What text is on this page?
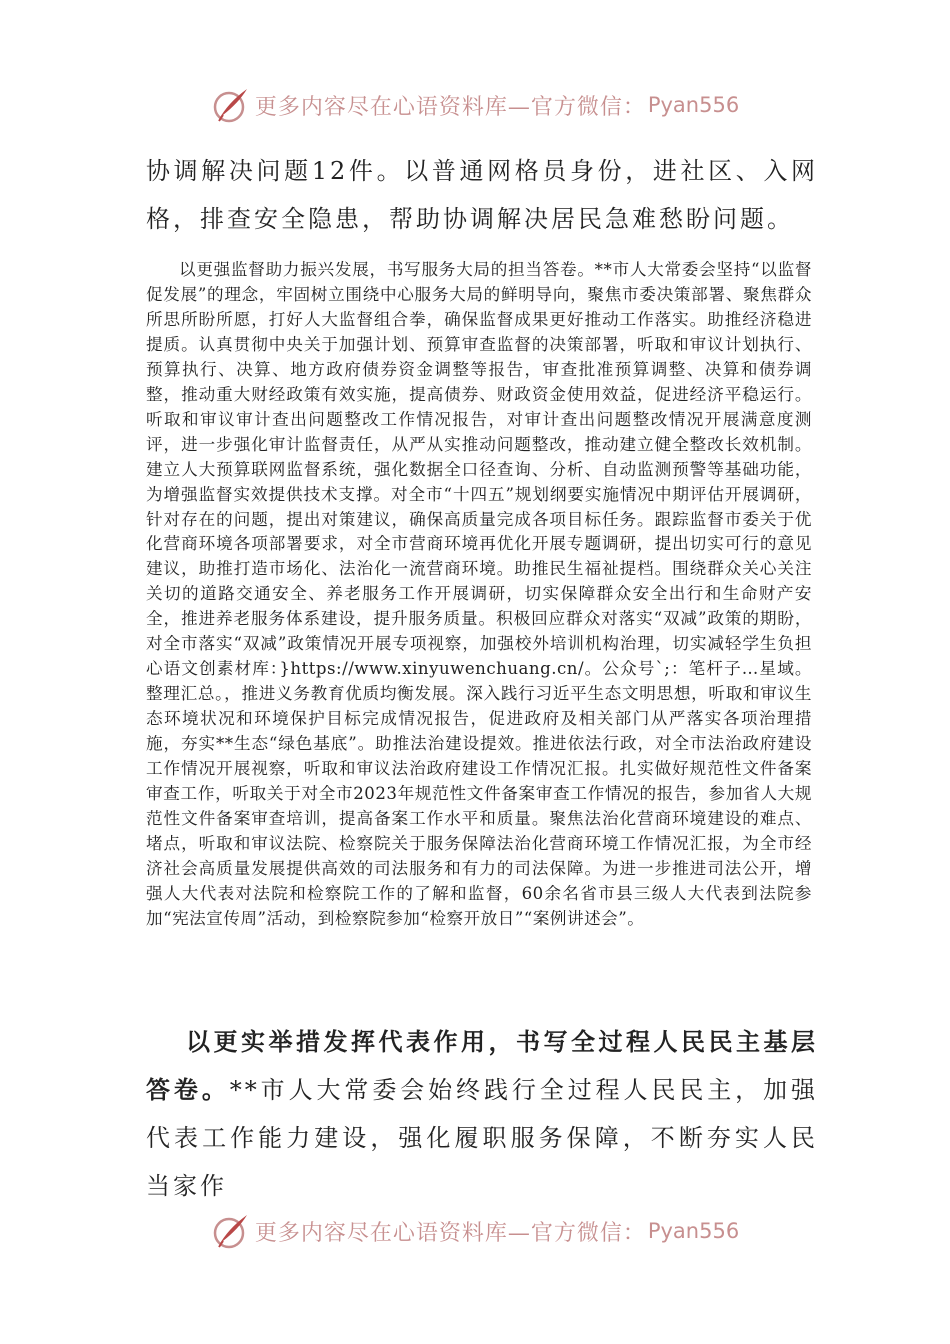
更多内容尽在心语资料库—官方微信： Pyan556

协调解决问题12件。以普通网格员身份，进社区、入网格，排查安全隐患，帮助协调解决居民急难愁盼问题。

以更强监督助力振兴发展，书写服务大局的担当答卷。**市人大常委会坚持“以监督促发展”的理念，牢固树立围绕中心服务大局的鲜明导向，聚焦市委决策部署、聚焦群众所思所盼所愿，打好人大监督组合拳，确保监督成果更好推动工作落实。助推经济稳进提质。认真贯彻中央关于加强计划、预算审查监督的决策部署，听取和审议计划执行、预算执行、决算、地方政府债券资金调整等报告，审查批准预算调整、决算和债券调整，推动重大财经政策有效实施，提高债券、财政资金使用效益，促进经济平稳运行。听取和审议审计查出问题整改工作情况报告，对审计查出问题整改情况开展满意度测评，进一步强化审计监督责任，从严从实推动问题整改，推动建立健全整改长效机制。建立人大预算联网监督系统，强化数据全口径查询、分析、自动监测预警等基础功能，为增强监督实效提供技术支撑。对全市“十四五”规划纲要实施情况中期评估开展调研，针对存在的问题，提出对策建议，确保高质量完成各项目标任务。跟踪监督市委关于优化营商环境各项部署要求，对全市营商环境再优化开展专题调研，提出切实可行的意见建议，助推打造市场化、法治化一流营商环境。助推民生福祉提档。围绕群众关心关注关切的道路交通安全、养老服务工作开展调研，切实保障群众安全出行和生命财产安全，推进养老服务体系建设，提升服务质量。积极回应群众对落实“双减”政策的期盼，对全市落实“双减”政策情况开展专项视察，加强校外培训机构治理，切实减轻学生负担心语文创素材库：}https://www.xinyuwenchuang.cn/。公众号`;：笔杆子…星域。整理汇总。，推进义务教育优质均衡发展。深入践行习近平生态文明思想，听取和审议生态环境状况和环境保护目标完成情况报告，促进政府及相关部门从严落实各项治理措施，夯实**生态“绿色基底”。助推法治建设提效。推进依法行政，对全市法治政府建设工作情况开展视察，听取和审议法治政府建设工作情况汇报。扎实做好规范性文件备案审查工作，听取关于对全市2023年规范性文件备案审查工作情况的报告，参加省人大规范性文件备案审查培训，提高备案工作水平和质量。聚焦法治化营商环境建设的难点、堵点，听取和审议法院、检察院关于服务保障法治化营商环境工作情况汇报，为全市经济社会高质量发展提供高效的司法服务和有力的司法保障。为进一步推进司法公开，增强人大代表对法院和检察院工作的了解和监督，60余名省市县三级人大代表到法院参加“宪法宣传周”活动，到检察院参加“检察开放日”“案例讲述会”。

以更实举措发挥代表作用，书写全过程人民民主基层答卷。**市人大常委会始终践行全过程人民民主，加强代表工作能力建设，强化履职服务保障，不断夯实人民当家作

更多内容尽在心语资料库—官方微信： Pyan556
